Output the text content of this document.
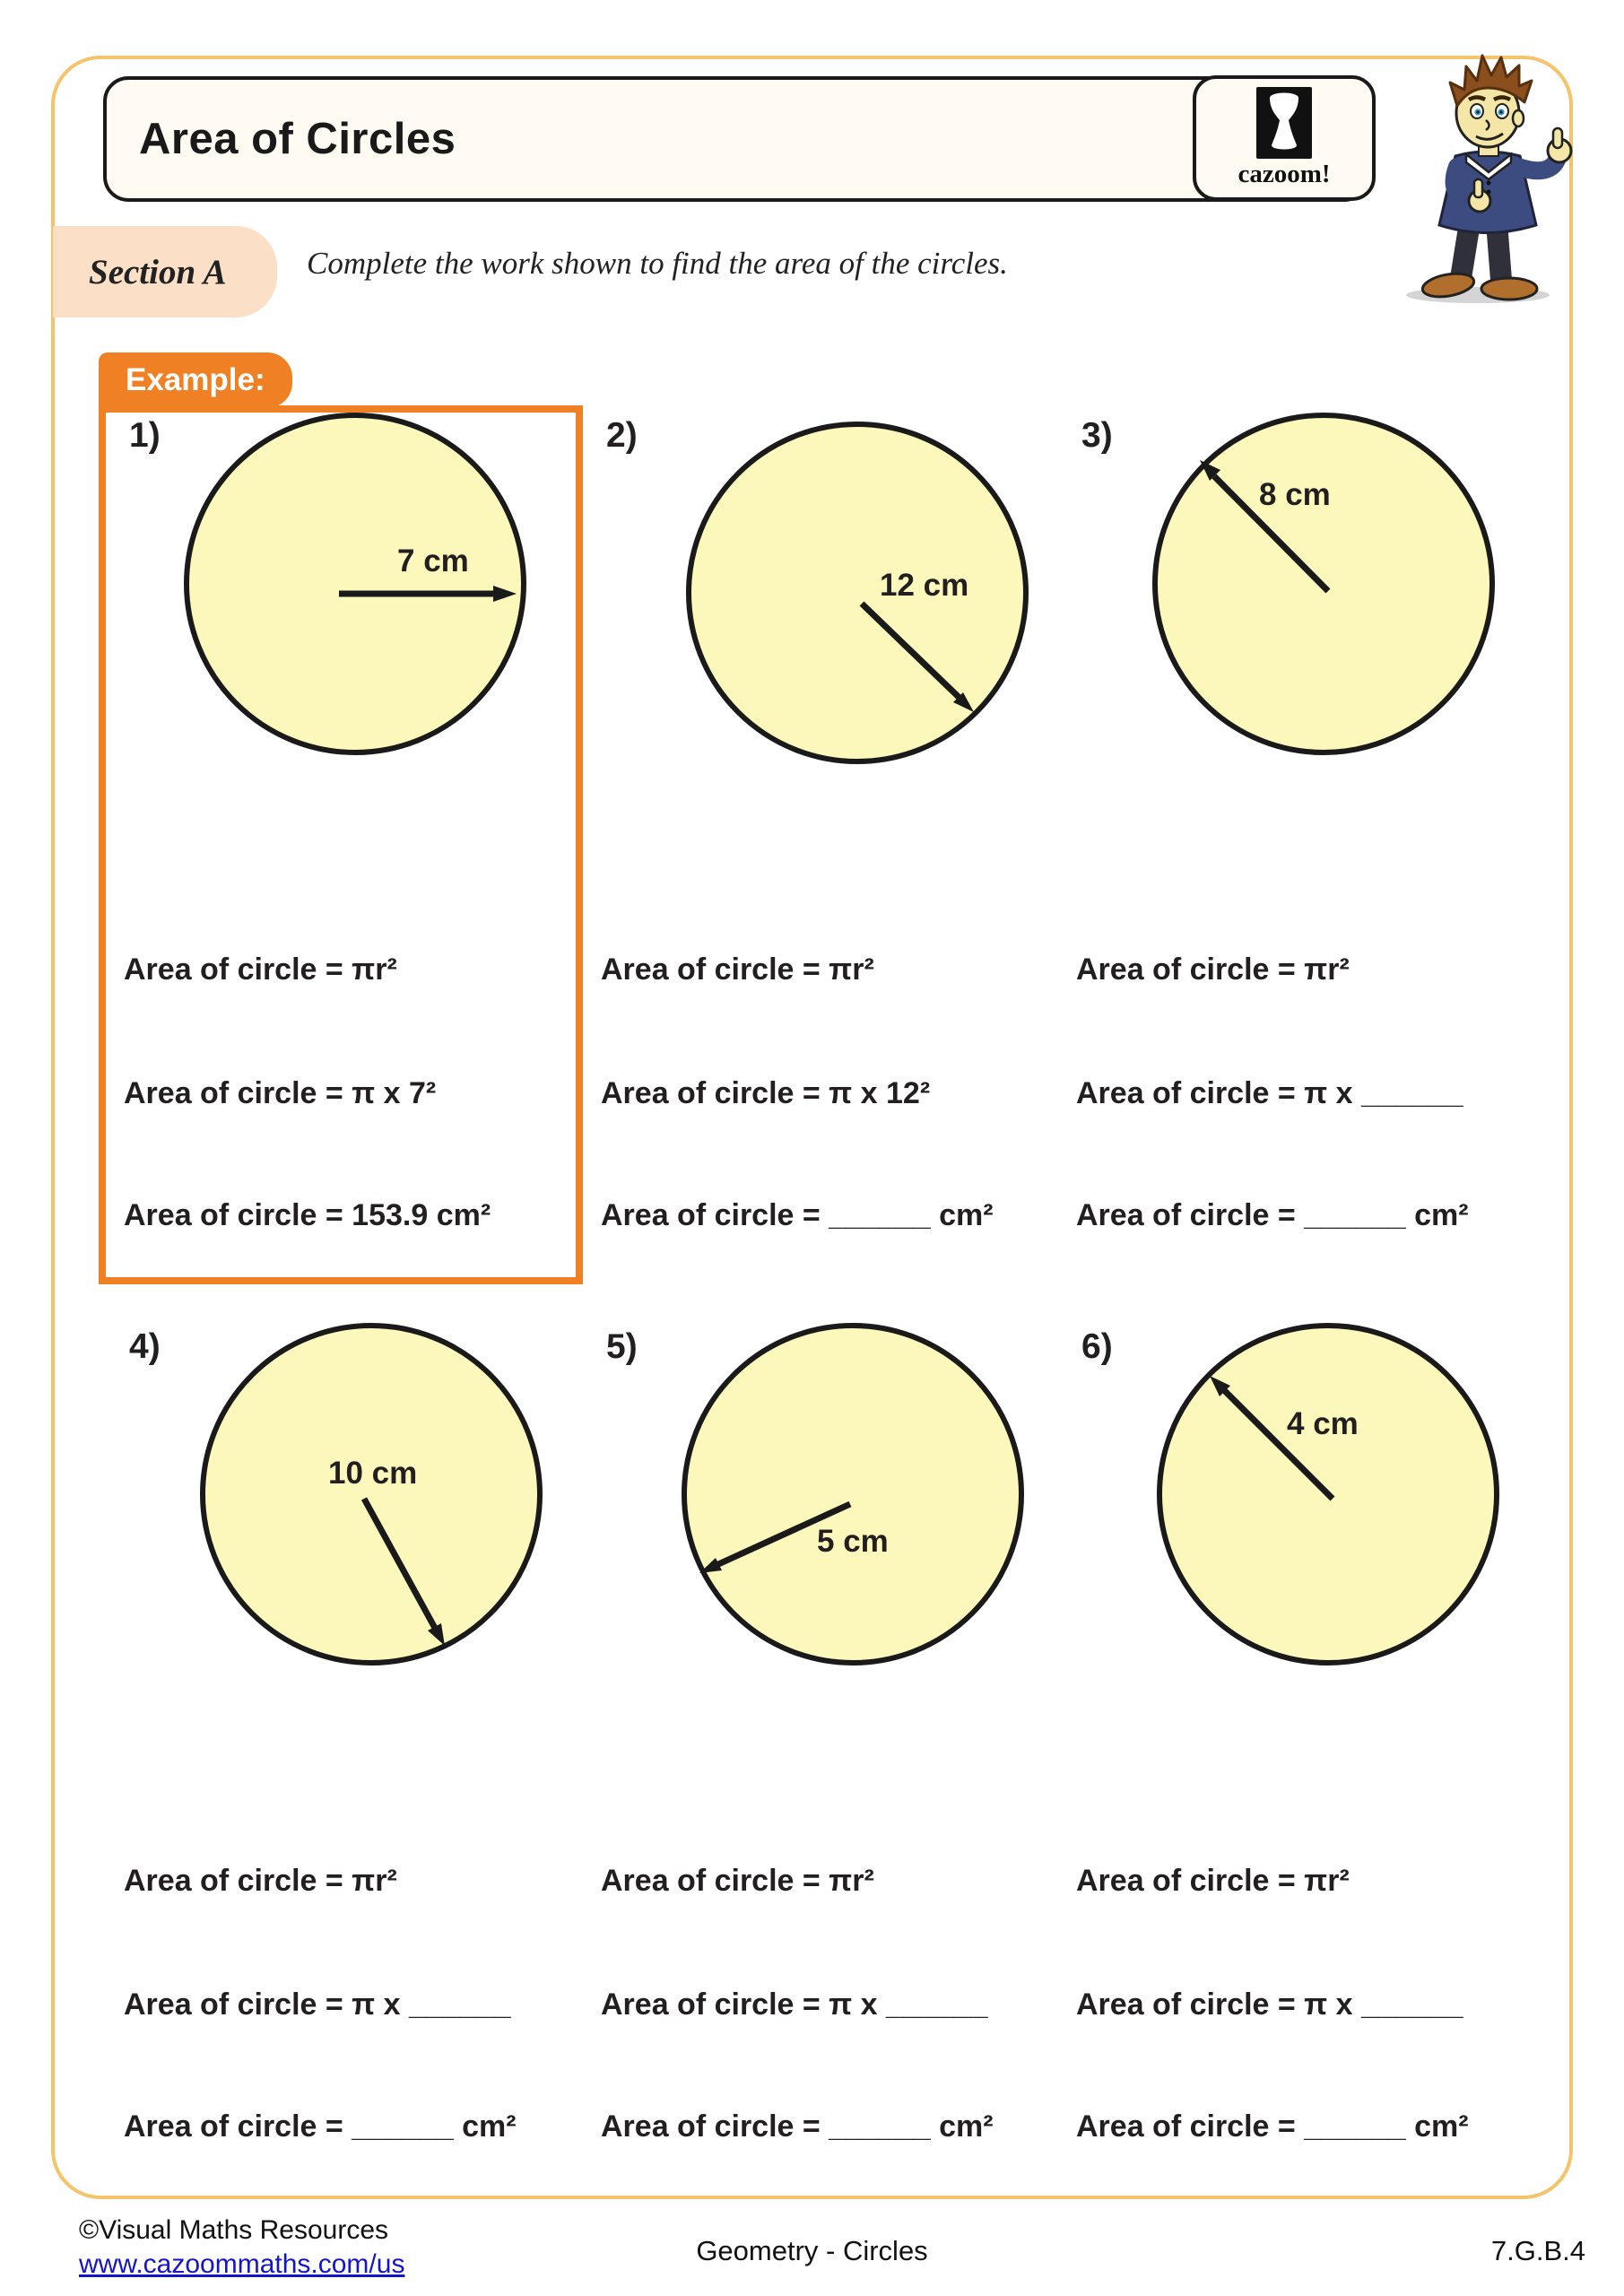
Area of Circles
cazoom!
Section A	Complete the work shown to find the area of the circles.
Example:
1)
7 cm
Area of circle = πr²
Area of circle = π x 7²
Area of circle = 153.9 cm²
2)
12 cm
Area of circle = πr²
Area of circle = π x 12²
Area of circle = ______ cm²
3)
8 cm
Area of circle = πr²
Area of circle = π x ______
Area of circle = ______ cm²
4)
10 cm
Area of circle = πr²
Area of circle = π x ______
Area of circle = ______ cm²
5)
5 cm
Area of circle = πr²
Area of circle = π x ______
Area of circle = ______ cm²
6)
4 cm
Area of circle = πr²
Area of circle = π x ______
Area of circle = ______ cm²
©Visual Maths Resources
www.cazoommaths.com/us	Geometry - Circles	7.G.B.4
